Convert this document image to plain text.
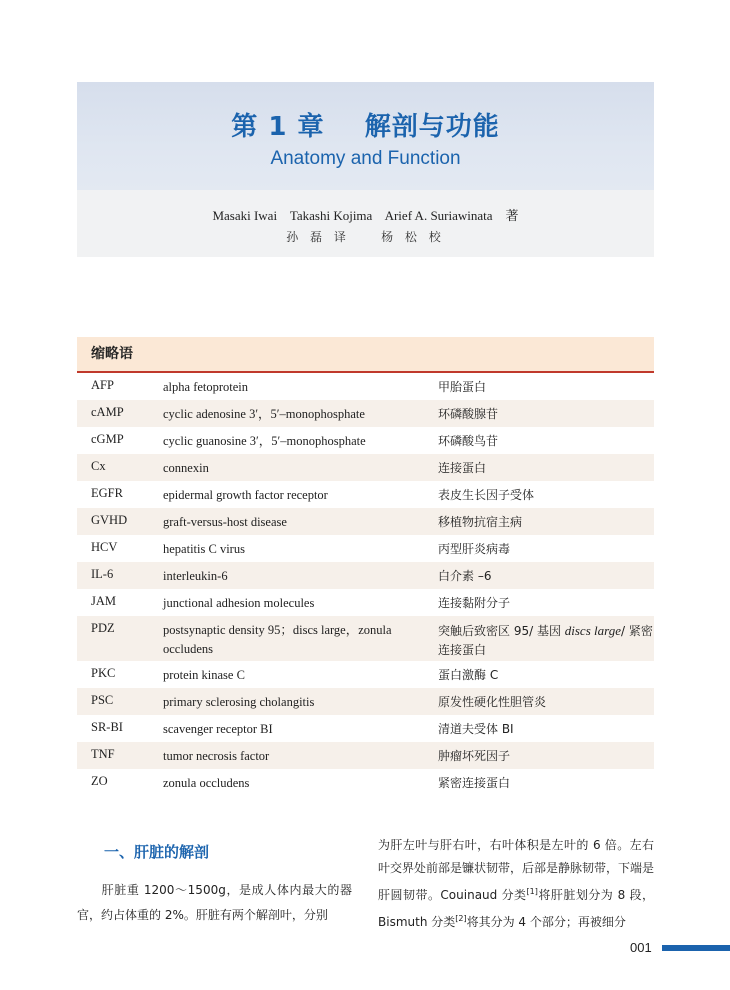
第 1 章    解剖与功能
Anatomy and Function
Masaki Iwai    Takashi Kojima    Arief A. Suriawinata    著
孙 磊 译    杨 松 校
缩略语
AFP	alpha fetoprotein	甲胎蛋白
cAMP	cyclic adenosine 3′，5′–monophosphate	环磷酸腺苷
cGMP	cyclic guanosine 3′，5′–monophosphate	环磷酸鸟苷
Cx	connexin	连接蛋白
EGFR	epidermal growth factor receptor	表皮生长因子受体
GVHD	graft-versus-host disease	移植物抗宿主病
HCV	hepatitis C virus	丙型肝炎病毒
IL-6	interleukin-6	白介素 –6
JAM	junctional adhesion molecules	连接黏附分子
PDZ	postsynaptic density 95；discs large，zonula occludens
突触后致密区 95/ 基因 discs large/ 紧密连接蛋白
PKC	protein kinase C	蛋白激酶 C
PSC	primary sclerosing cholangitis	原发性硬化性胆管炎
SR-BI	scavenger receptor BI	清道夫受体 BI
TNF	tumor necrosis factor	肿瘤坏死因子
ZO	zonula occludens	紧密连接蛋白
一、肝脏的解剖
肝脏重 1200～1500g，是成人体内最大的器官，约占体重的 2%。肝脏有两个解剖叶，分别
为肝左叶与肝右叶，右叶体积是左叶的 6 倍。左右叶交界处前部是镰状韧带，后部是静脉韧带，下端是肝圆韧带。Couinaud 分类[1]将肝脏划分为 8 段，Bismuth 分类[2]将其分为 4 个部分；再被细分
001
